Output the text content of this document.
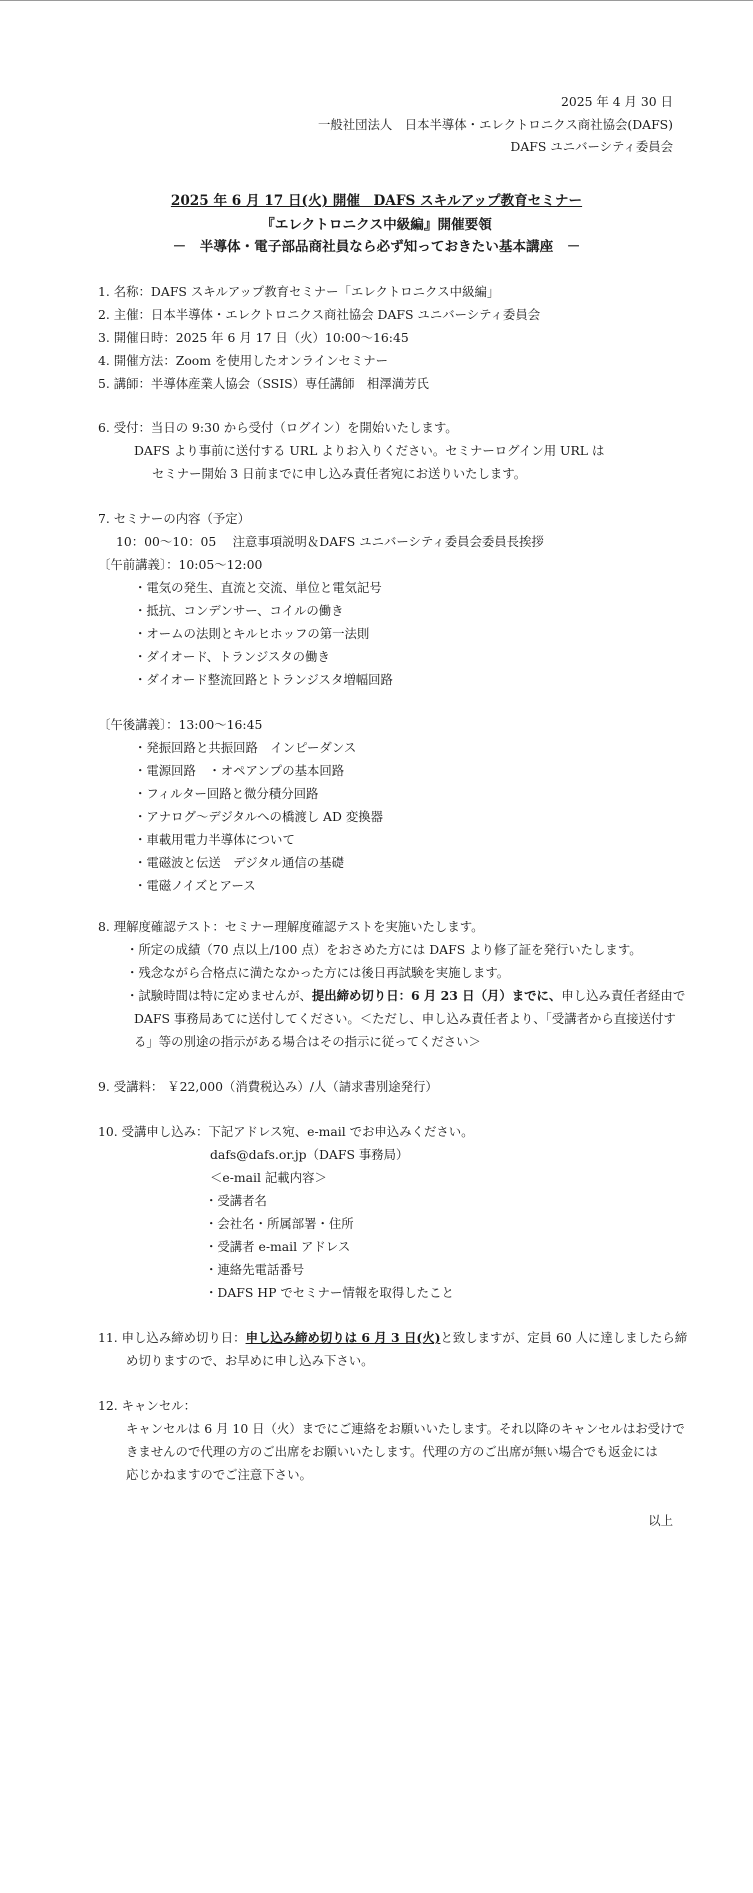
2025 年 4 月 30 日
一般社団法人　日本半導体・エレクトロニクス商社協会(DAFS)
DAFS ユニバーシティ委員会
2025 年 6 月 17 日(火) 開催　DAFS スキルアップ教育セミナー
『エレクトロニクス中級編』開催要領
－　半導体・電子部品商社員なら必ず知っておきたい基本講座　－
1. 名称：DAFS スキルアップ教育セミナー「エレクトロニクス中級編」
2. 主催：日本半導体・エレクトロニクス商社協会 DAFS ユニバーシティ委員会
3. 開催日時：2025 年 6 月 17 日（火）10:00～16:45
4. 開催方法：Zoom を使用したオンラインセミナー
5. 講師：半導体産業人協会（SSIS）専任講師　相澤満芳氏
6. 受付：当日の 9:30 から受付（ログイン）を開始いたします。
DAFS より事前に送付する URL よりお入りください。セミナーログイン用 URL は
セミナー開始 3 日前までに申し込み責任者宛にお送りいたします。
7. セミナーの内容（予定）
10：00～10：05　 注意事項説明＆DAFS ユニバーシティ委員会委員長挨拶
〔午前講義〕：10:05～12:00
・電気の発生、直流と交流、単位と電気記号
・抵抗、コンデンサー、コイルの働き
・オームの法則とキルヒホッフの第一法則
・ダイオード、トランジスタの働き
・ダイオード整流回路とトランジスタ増幅回路
〔午後講義〕：13:00～16:45
・発振回路と共振回路　インピーダンス
・電源回路　・オペアンプの基本回路
・フィルター回路と微分積分回路
・アナログ～デジタルへの橋渡し AD 変換器
・車載用電力半導体について
・電磁波と伝送　デジタル通信の基礎
・電磁ノイズとアース
8. 理解度確認テスト：セミナー理解度確認テストを実施いたします。
・所定の成績（70 点以上/100 点）をおさめた方には DAFS より修了証を発行いたします。
・残念ながら合格点に満たなかった方には後日再試験を実施します。
・試験時間は特に定めませんが、提出締め切り日：6 月 23 日（月）までに、申し込み責任者経由で
DAFS 事務局あてに送付してください。＜ただし、申し込み責任者より、「受講者から直接送付す
る」等の別途の指示がある場合はその指示に従ってください＞
9. 受講料： ￥22,000（消費税込み）/人（請求書別途発行）
10. 受講申し込み：下記アドレス宛、e-mail でお申込みください。
dafs@dafs.or.jp（DAFS 事務局）
＜e-mail 記載内容＞
・受講者名
・会社名・所属部署・住所
・受講者 e-mail アドレス
・連絡先電話番号
・DAFS HP でセミナー情報を取得したこと
11. 申し込み締め切り日：申し込み締め切りは 6 月 3 日(火)と致しますが、定員 60 人に達しましたら締
め切りますので、お早めに申し込み下さい。
12. キャンセル：
キャンセルは 6 月 10 日（火）までにご連絡をお願いいたします。それ以降のキャンセルはお受けで
きませんので代理の方のご出席をお願いいたします。代理の方のご出席が無い場合でも返金には
応じかねますのでご注意下さい。
以上
